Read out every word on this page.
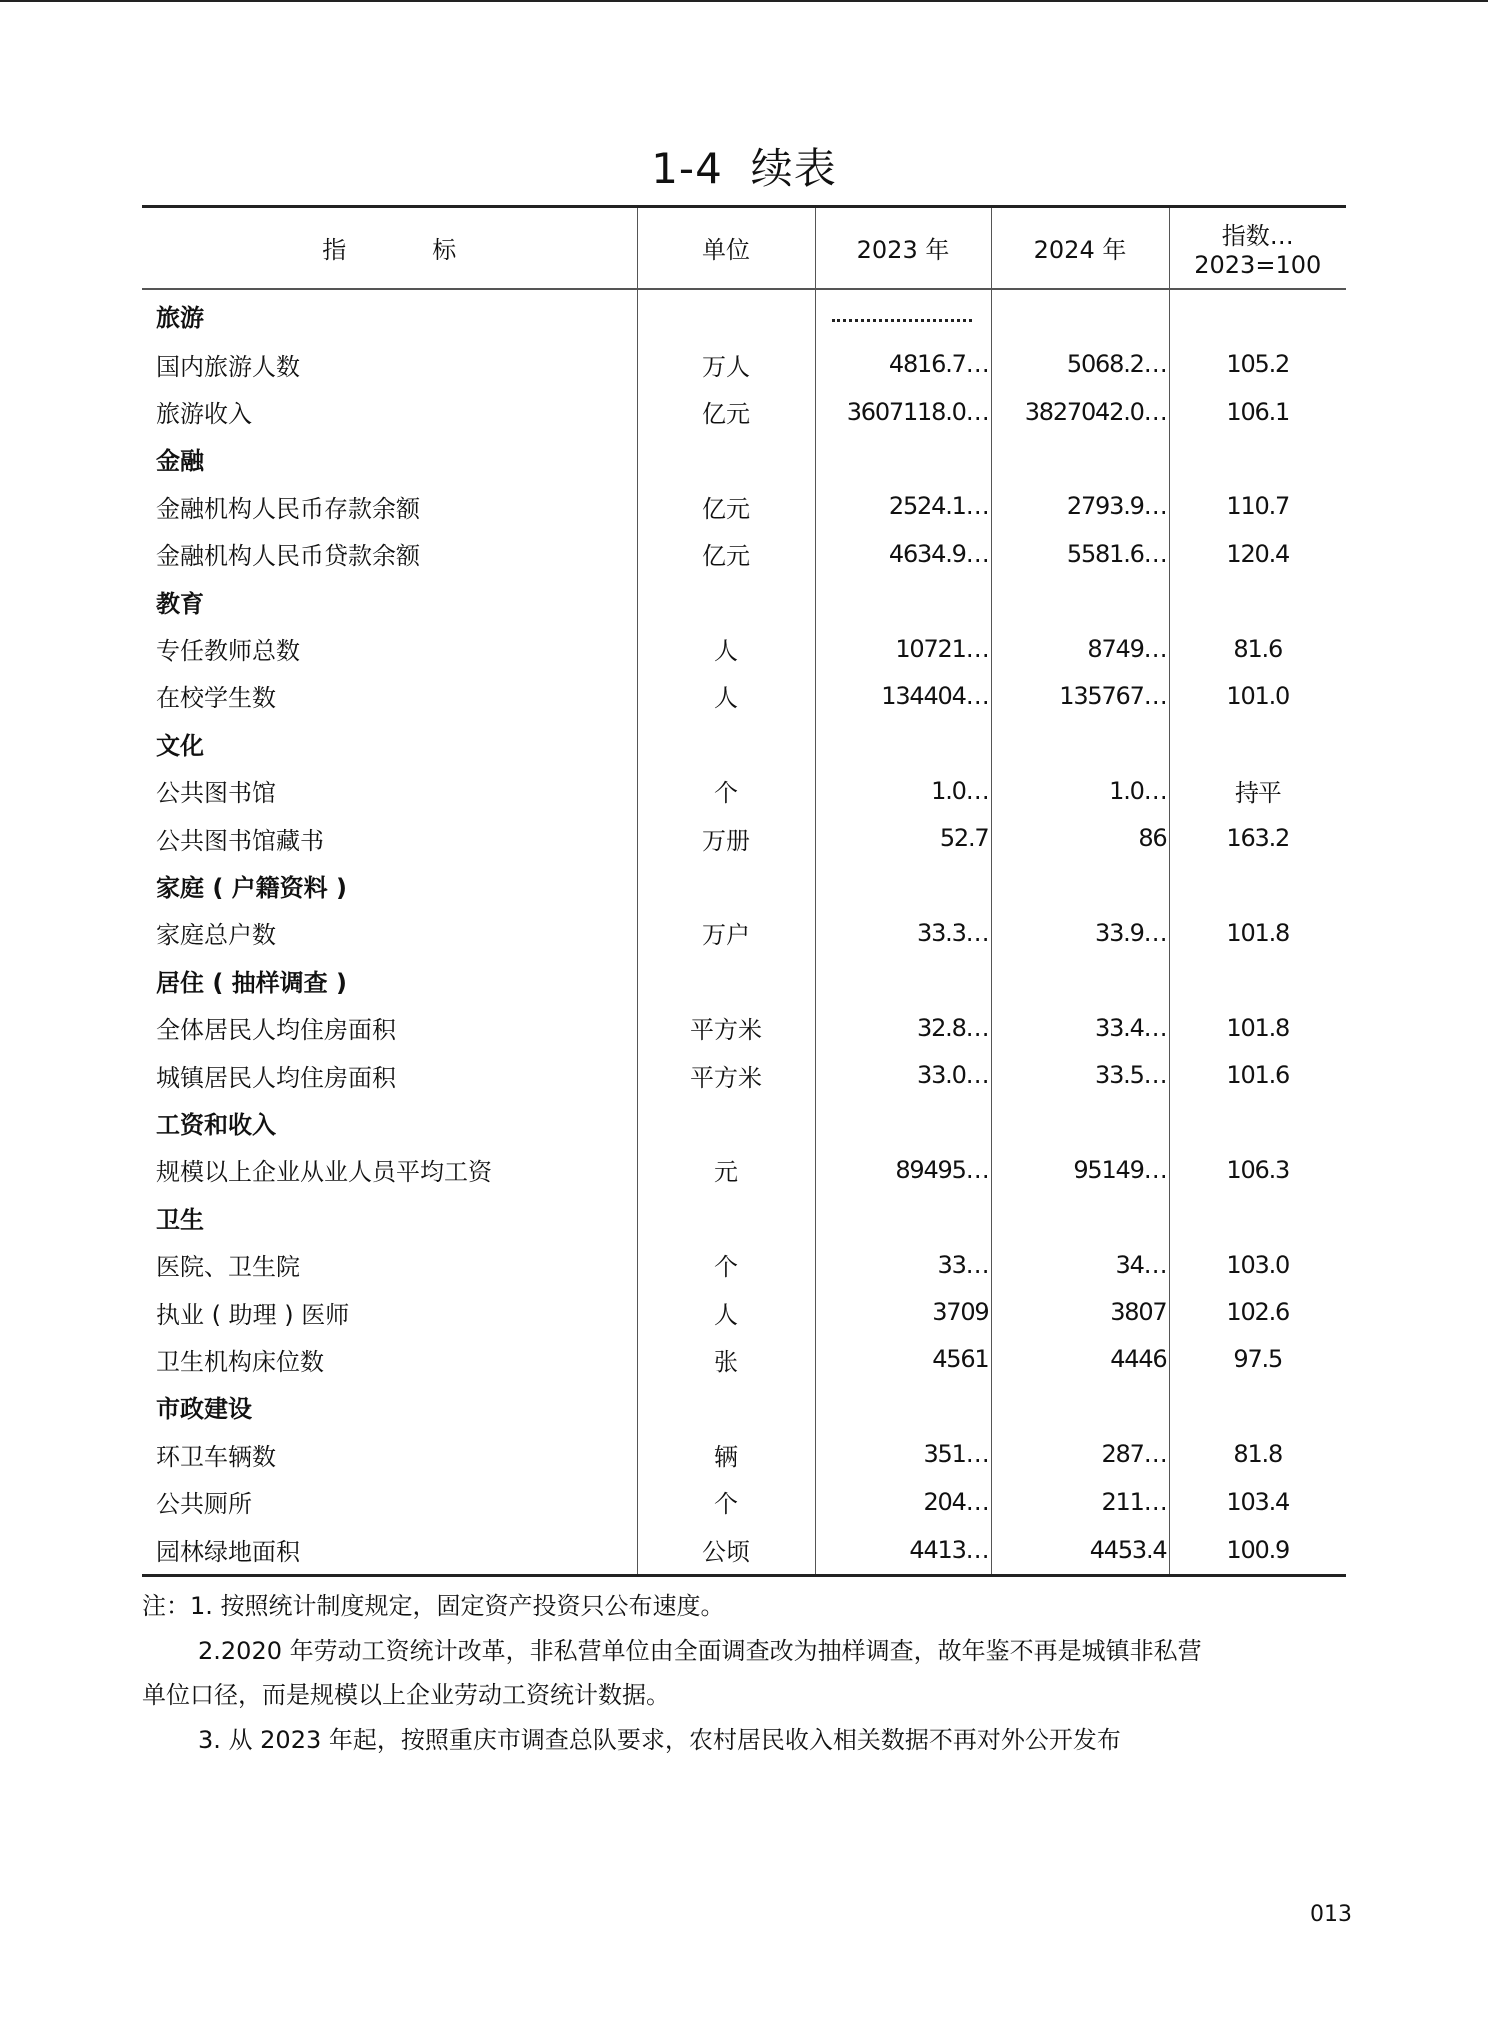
1-4 续表
指 标	单位	2023 年	2024 年	指数…
2023=100

旅游		

国内旅游人数	万人	4816.7…	5068.2…	105.2
旅游收入	亿元	3607118.0…	3827042.0…	106.1
金融				
金融机构人民币存款余额	亿元	2524.1…	2793.9…	110.7
金融机构人民币贷款余额	亿元	4634.9…	5581.6…	120.4
教育				
专任教师总数	人	10721…	8749…	81.6
在校学生数	人	134404…	135767…	101.0
文化				
公共图书馆	个	1.0…	1.0…	持平
公共图书馆藏书	万册	52.7	86	163.2
家庭 ( 户籍资料 )				
家庭总户数	万户	33.3…	33.9…	101.8
居住 ( 抽样调查 )				
全体居民人均住房面积	平方米	32.8…	33.4…	101.8
城镇居民人均住房面积	平方米	33.0…	33.5…	101.6
工资和收入				
规模以上企业从业人员平均工资	元	89495…	95149…	106.3
卫生				
医院、卫生院	个	33…	34…	103.0
执业 ( 助理 ) 医师	人	3709	3807	102.6
卫生机构床位数	张	4561	4446	97.5
市政建设				
环卫车辆数	辆	351…	287…	81.8
公共厕所	个	204…	211…	103.4
园林绿地面积	公顷	4413…	4453.4	100.9
注：1. 按照统计制度规定，固定资产投资只公布速度。
2.2020 年劳动工资统计改革，非私营单位由全面调查改为抽样调查，故年鉴不再是城镇非私营
单位口径，而是规模以上企业劳动工资统计数据。
3. 从 2023 年起，按照重庆市调查总队要求，农村居民收入相关数据不再对外公开发布
013
